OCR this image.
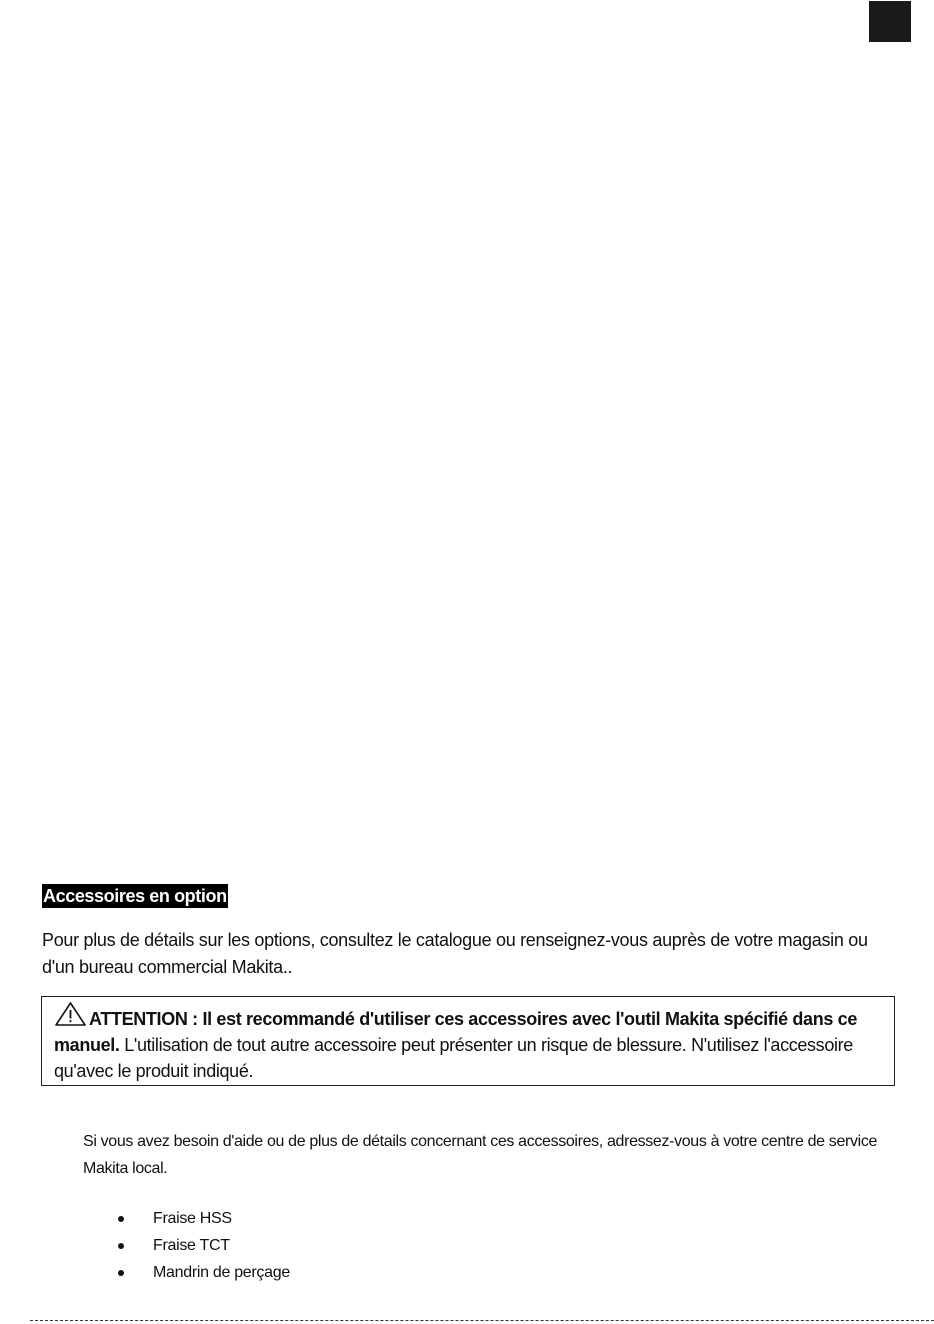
Accessoires en option

Pour plus de détails sur les options, consultez le catalogue ou renseignez-vous auprès de votre magasin ou d'un bureau commercial Makita..

ATTENTION : Il est recommandé d'utiliser ces accessoires avec l'outil Makita spécifié dans ce manuel. L'utilisation de tout autre accessoire peut présenter un risque de blessure. N'utilisez l'accessoire qu'avec le produit indiqué.

Si vous avez besoin d'aide ou de plus de détails concernant ces accessoires, adressez-vous à votre centre de service Makita local.

Fraise HSS
Fraise TCT
Mandrin de perçage
